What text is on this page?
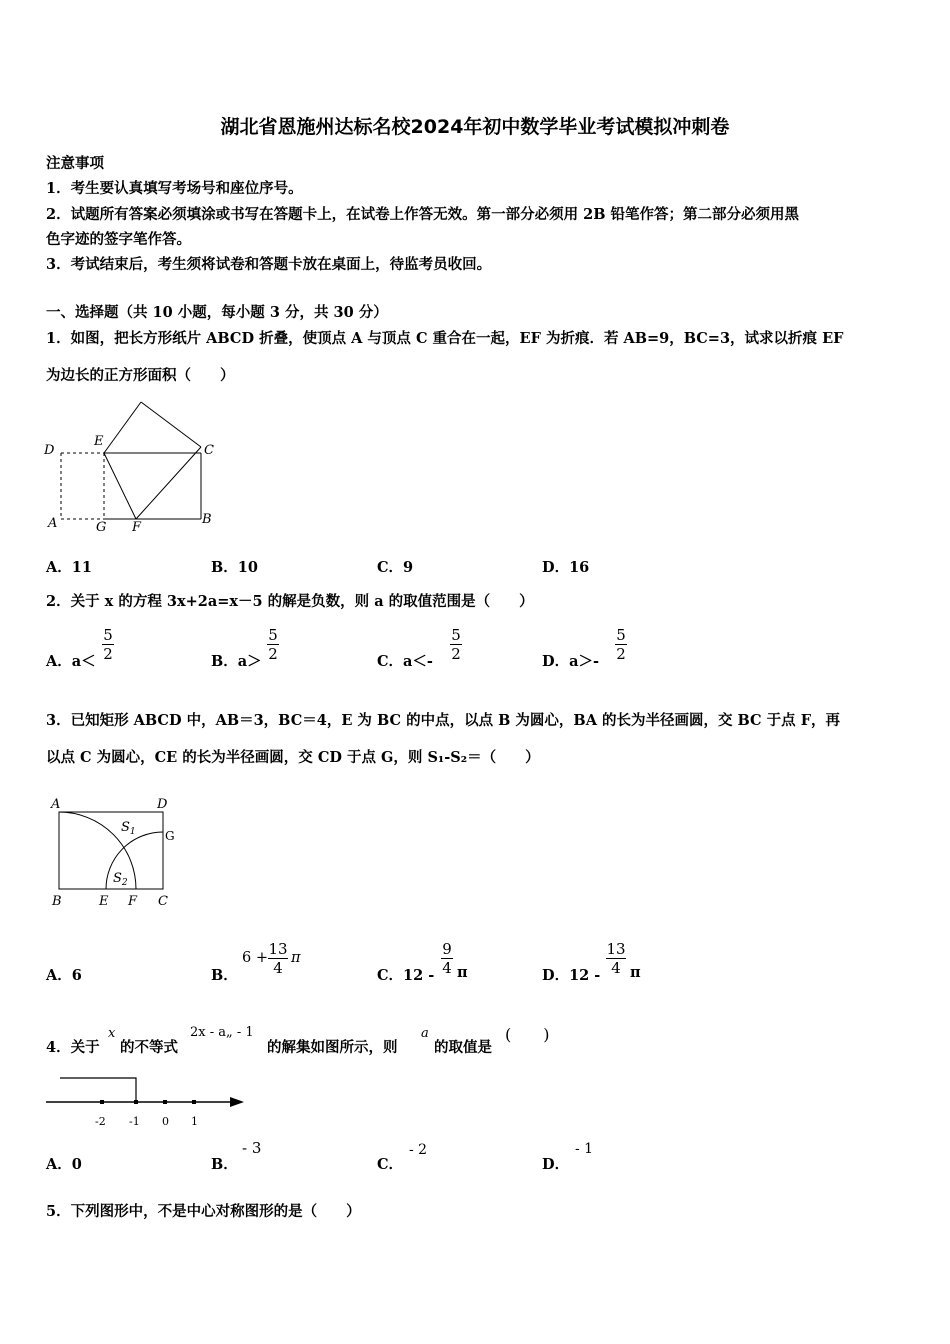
湖北省恩施州达标名校2024年初中数学毕业考试模拟冲刺卷
注意事项
1．考生要认真填写考场号和座位序号。
2．试题所有答案必须填涂或书写在答题卡上，在试卷上作答无效。第一部分必须用 2B 铅笔作答；第二部分必须用黑
色字迹的签字笔作答。
3．考试结束后，考生须将试卷和答题卡放在桌面上，待监考员收回。
一、选择题（共 10 小题，每小题 3 分，共 30 分）
1．如图，把长方形纸片 ABCD 折叠，使顶点 A 与顶点 C 重合在一起，EF 为折痕．若 AB=9，BC=3，试求以折痕 EF
为边长的正方形面积（　　）
D
E
C
A	G F
B
A．11	B．10	C．9	D．16
2．关于 x 的方程 3x+2a=x－5 的解是负数，则 a 的取值范围是（　　）
A．a＜
5
2	B．a＞
5
2	C．a＜-
5
2	D．a＞-
5
2
3．已知矩形 ABCD 中，AB＝3，BC＝4，E 为 BC 的中点，以点 B 为圆心，BA 的长为半径画圆，交 BC 于点 F，再
以点 C 为圆心，CE 的长为半径画圆，交 CD 于点 G，则 S₁-S₂＝（　　）
A	D
$S_1$
$S_2$
B	E F C
G
A．6	B．
6 + 13
4
π
C．12 -
9
4 π	D．12 -
13
4 π
4．关于
x
的不等式
2x - a„ - 1
的解集如图所示，则
a
的取值是
(　　)
-2 -1 0 1
A．0	B．
- 3
C．
- 2
D．
- 1
5．下列图形中，不是中心对称图形的是（　　）
